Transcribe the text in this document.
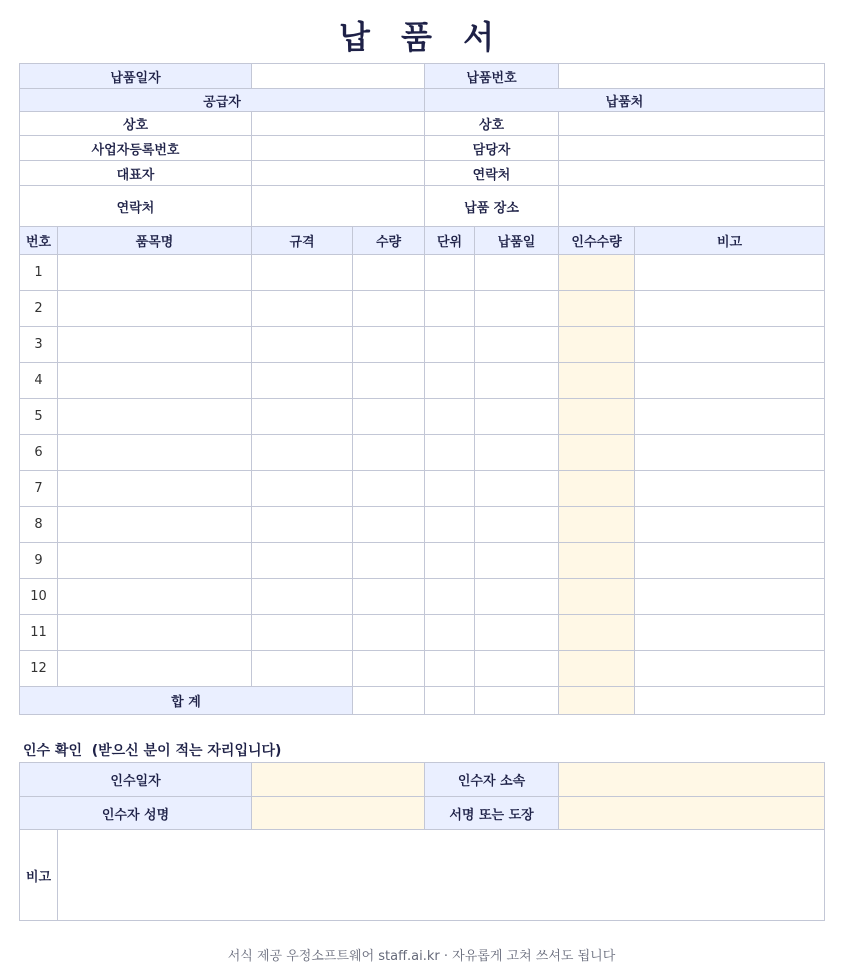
납 품 서
납품일자				납품번호			
공급자				납품처			
상호				상호			
사업자등록번호				담당자			
대표자				연락처			
연락처				납품 장소			
번호	품목명	규격	수량	단위	납품일	인수수량	비고
1							
2							
3							
4							
5							
6							
7							
8							
9							
10							
11							
12							
합 계							
인수 확인  (받으신 분이 적는 자리입니다)
인수일자			인수자 소속	
인수자 성명			서명 또는 도장	
비고				
서식 제공 우정소프트웨어 staff.ai.kr · 자유롭게 고쳐 쓰셔도 됩니다
